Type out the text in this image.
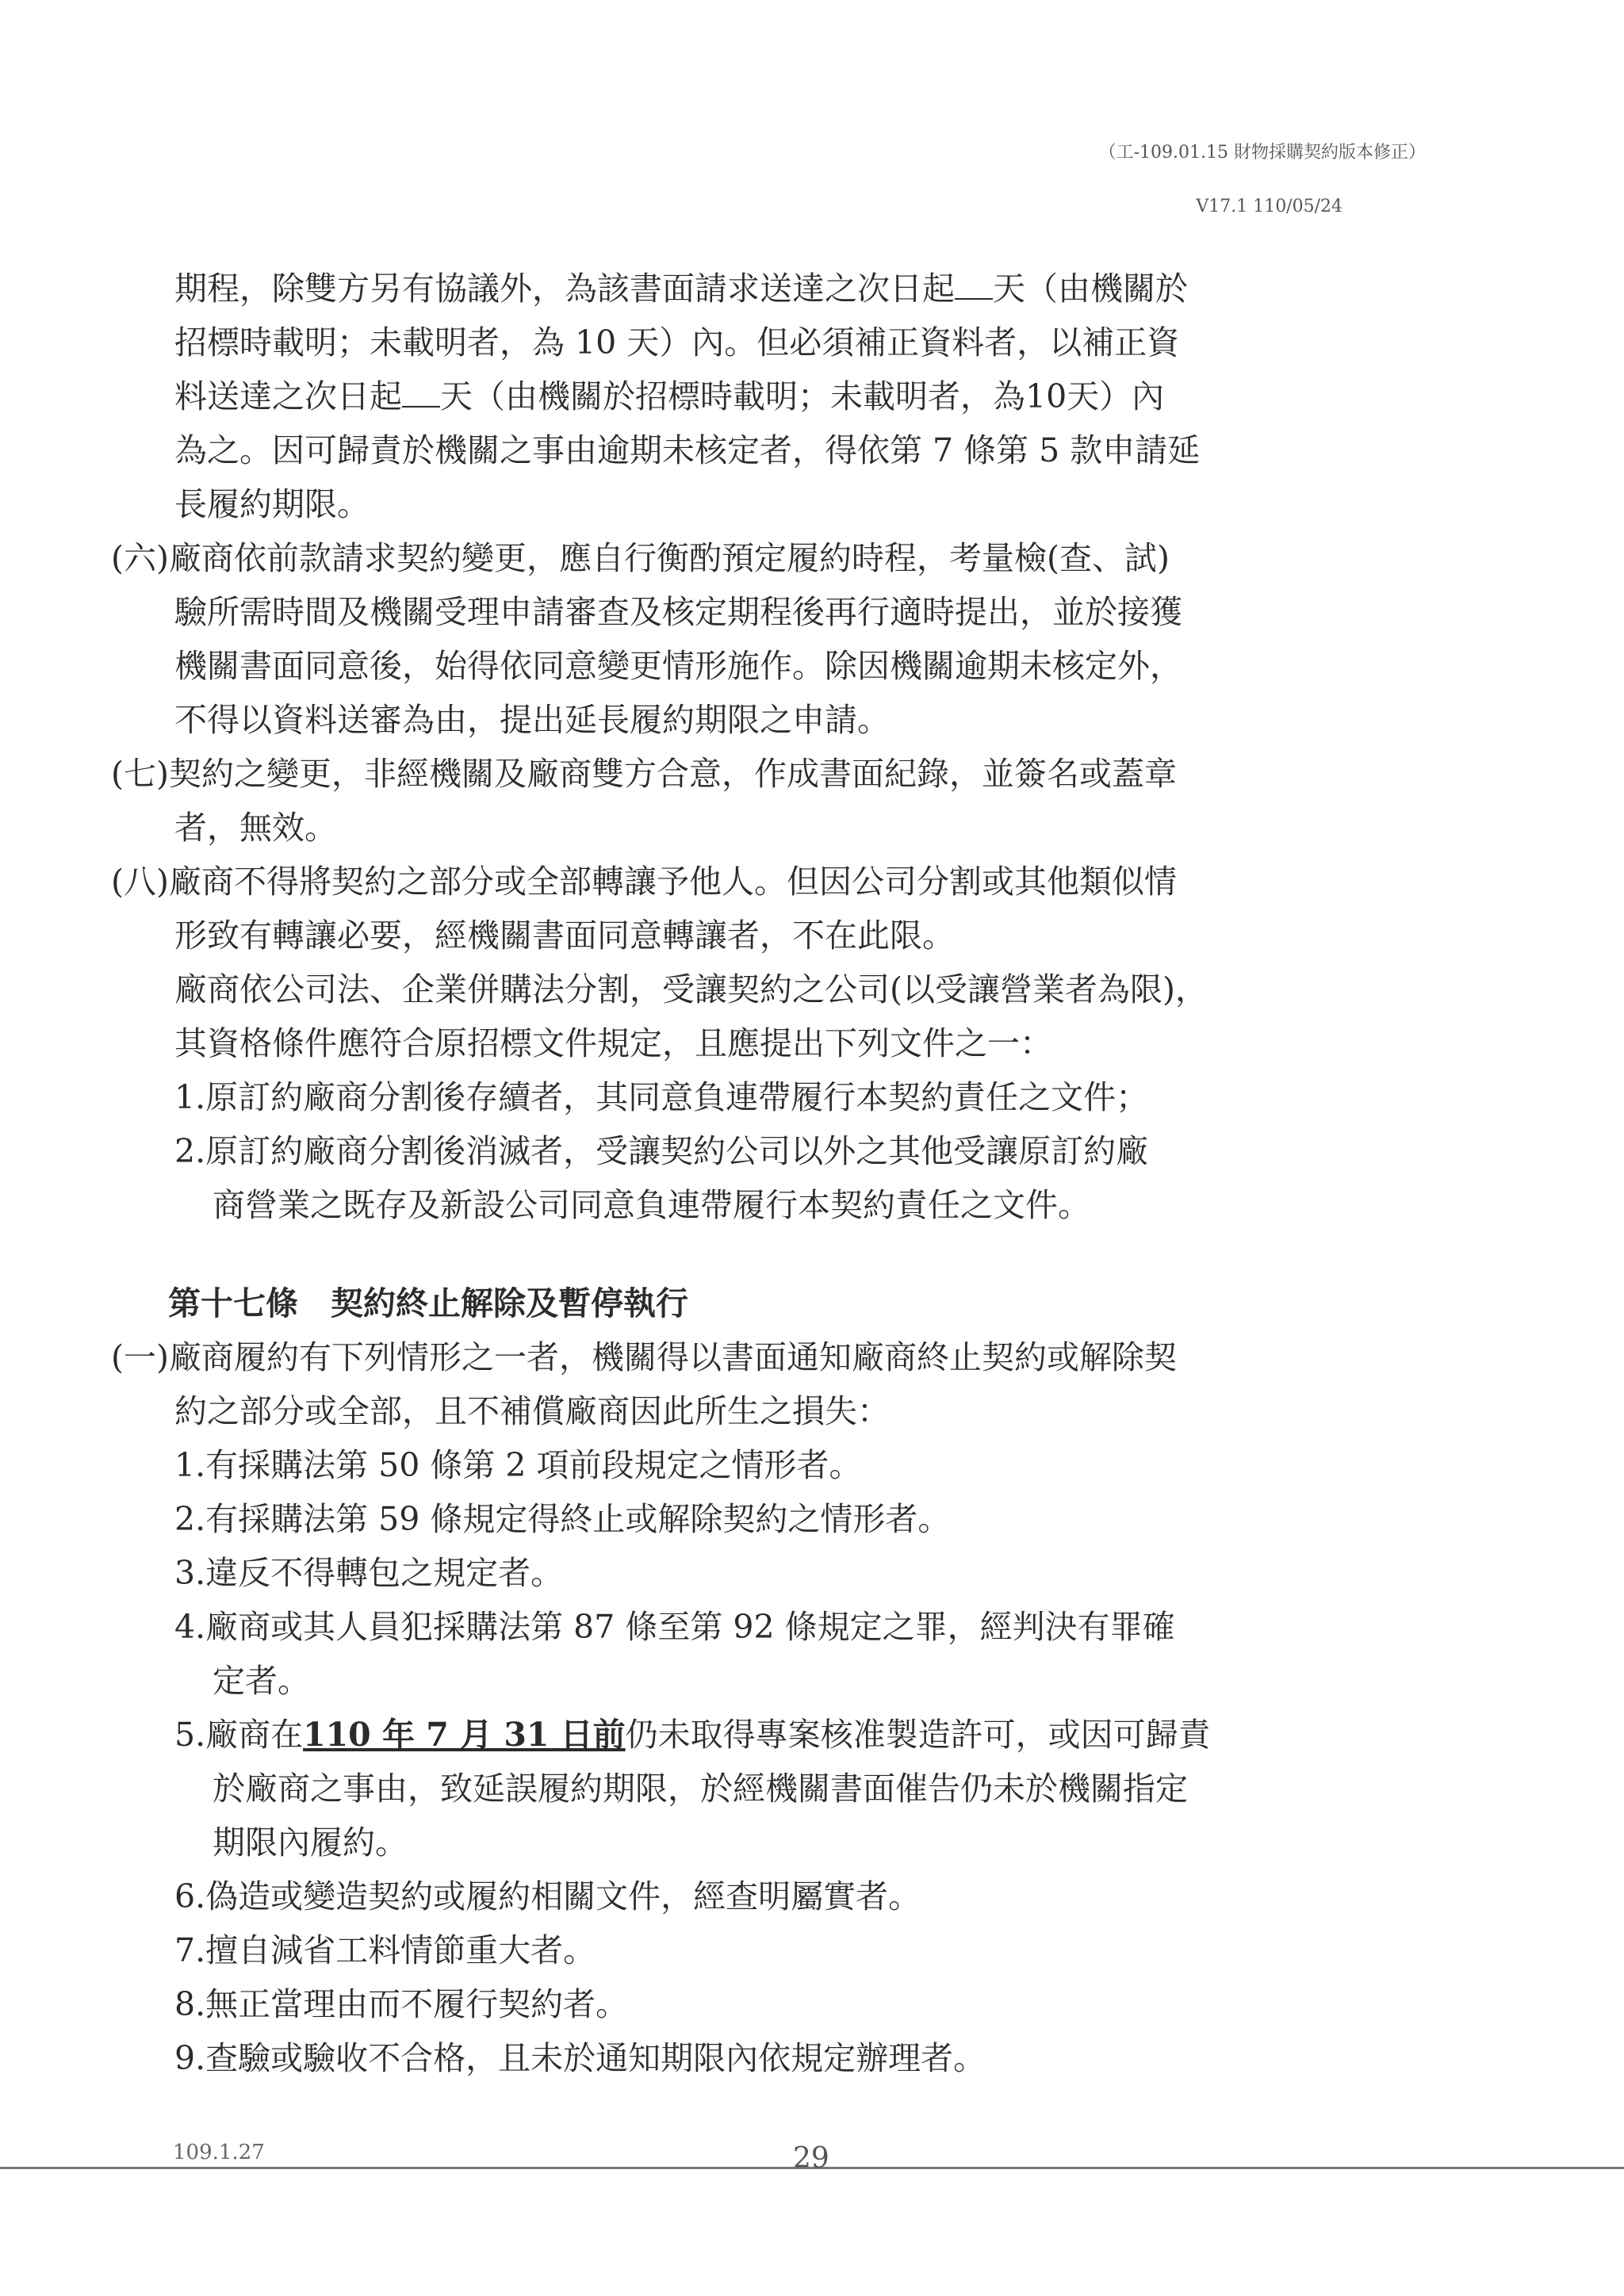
（工-109.01.15 財物採購契約版本修正）
V17.1 110/05/24
期程，除雙方另有協議外，為該書面請求送達之次日起 天（由機關於
招標時載明；未載明者，為 10 天）內。但必須補正資料者，以補正資
料送達之次日起 天（由機關於招標時載明；未載明者，為10天）內
為之。因可歸責於機關之事由逾期未核定者，得依第 7 條第 5 款申請延
長履約期限。
(六)廠商依前款請求契約變更，應自行衡酌預定履約時程，考量檢(查、試)
驗所需時間及機關受理申請審查及核定期程後再行適時提出，並於接獲
機關書面同意後，始得依同意變更情形施作。除因機關逾期未核定外，
不得以資料送審為由，提出延長履約期限之申請。
(七)契約之變更，非經機關及廠商雙方合意，作成書面紀錄，並簽名或蓋章
者，無效。
(八)廠商不得將契約之部分或全部轉讓予他人。但因公司分割或其他類似情
形致有轉讓必要，經機關書面同意轉讓者，不在此限。
廠商依公司法、企業併購法分割，受讓契約之公司(以受讓營業者為限)，
其資格條件應符合原招標文件規定，且應提出下列文件之一：
1.原訂約廠商分割後存續者，其同意負連帶履行本契約責任之文件；
2.原訂約廠商分割後消滅者，受讓契約公司以外之其他受讓原訂約廠
商營業之既存及新設公司同意負連帶履行本契約責任之文件。
第十七條　契約終止解除及暫停執行
(一)廠商履約有下列情形之一者，機關得以書面通知廠商終止契約或解除契
約之部分或全部，且不補償廠商因此所生之損失：
1.有採購法第 50 條第 2 項前段規定之情形者。
2.有採購法第 59 條規定得終止或解除契約之情形者。
3.違反不得轉包之規定者。
4.廠商或其人員犯採購法第 87 條至第 92 條規定之罪，經判決有罪確
定者。
5.廠商在110 年 7 月 31 日前仍未取得專案核准製造許可，或因可歸責
於廠商之事由，致延誤履約期限，於經機關書面催告仍未於機關指定
期限內履約。
6.偽造或變造契約或履約相關文件，經查明屬實者。
7.擅自減省工料情節重大者。
8.無正當理由而不履行契約者。
9.查驗或驗收不合格，且未於通知期限內依規定辦理者。
109.1.27	29
